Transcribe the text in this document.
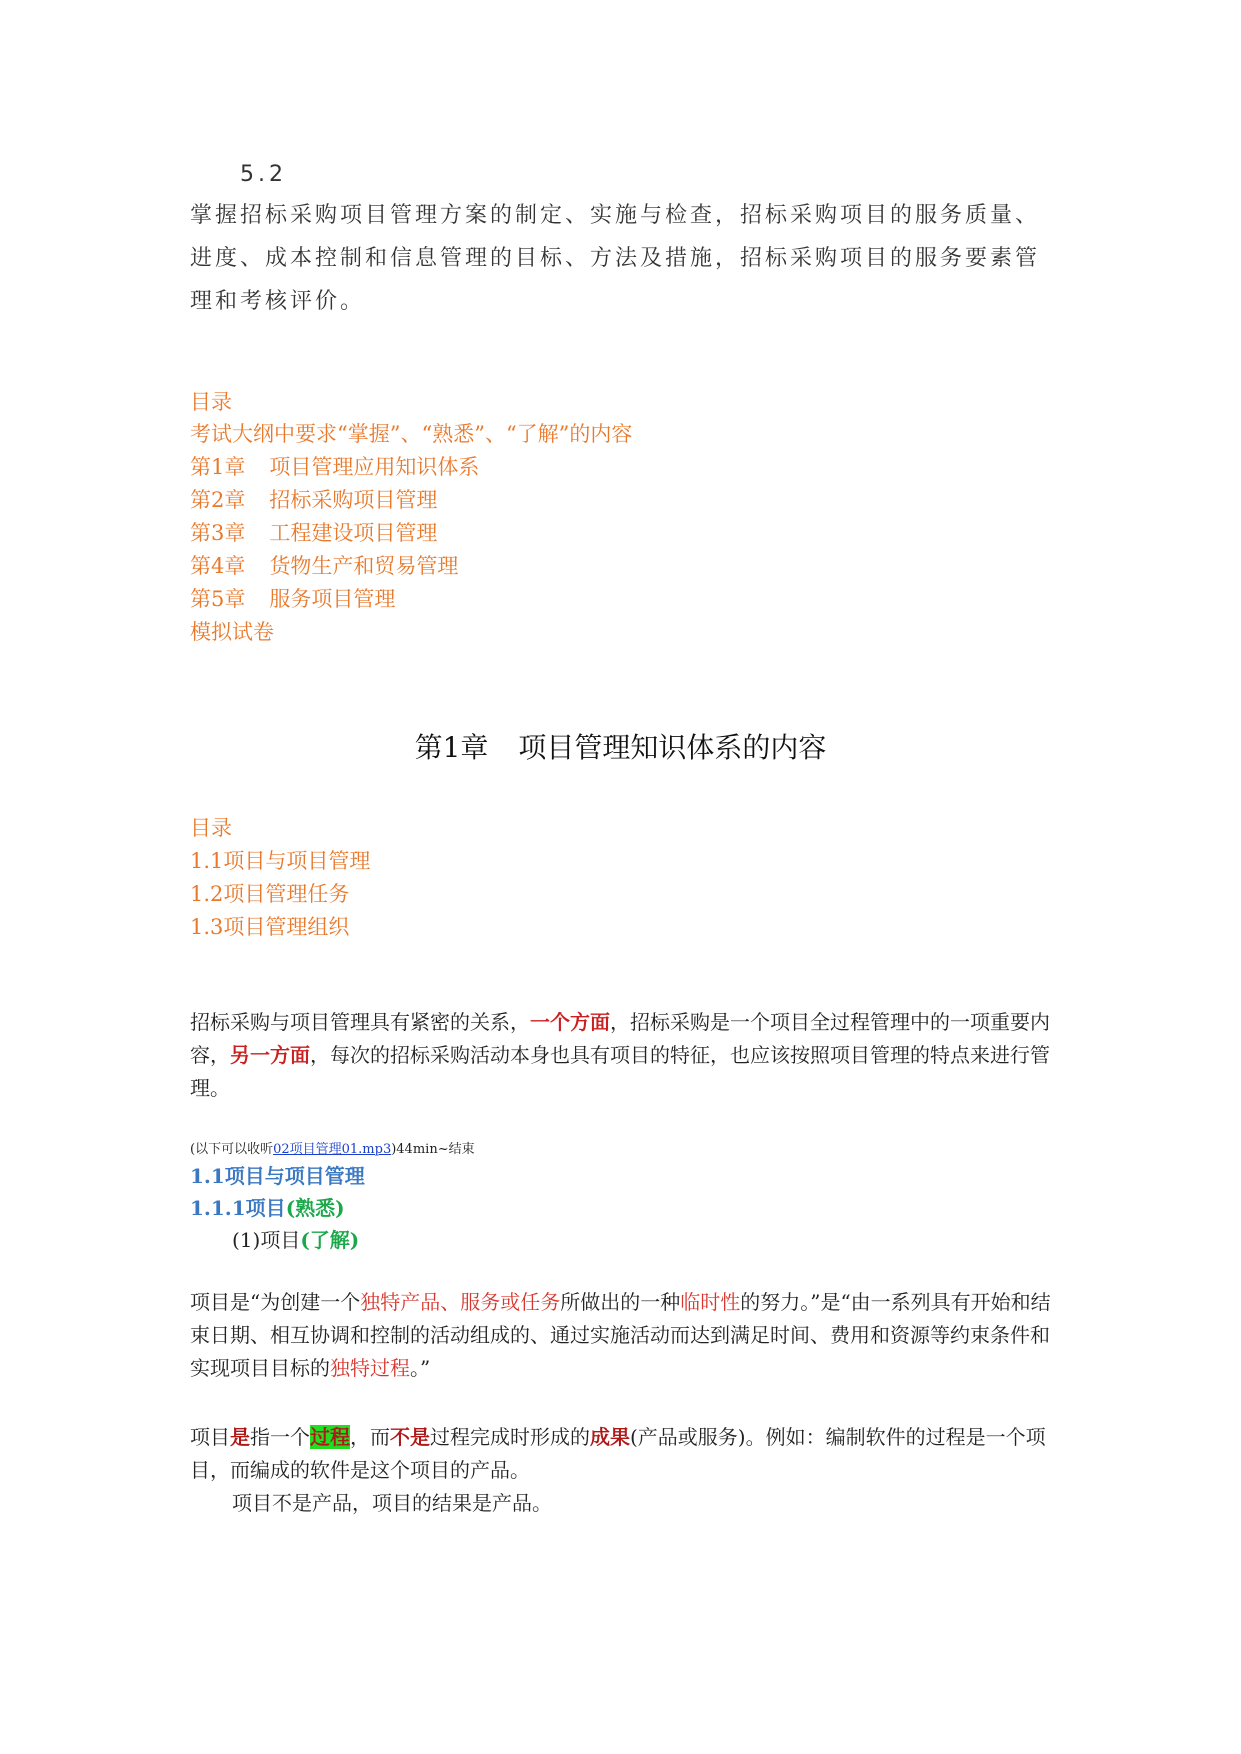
5.2
掌握招标采购项目管理方案的制定、实施与检查，招标采购项目的服务质量、
进度、成本控制和信息管理的目标、方法及措施，招标采购项目的服务要素管
理和考核评价。
目录
考试大纲中要求“掌握”、“熟悉”、“了解”的内容
第1章 项目管理应用知识体系
第2章 招标采购项目管理
第3章 工程建设项目管理
第4章 货物生产和贸易管理
第5章 服务项目管理
模拟试卷
第1章 项目管理知识体系的内容
目录
1.1项目与项目管理
1.2项目管理任务
1.3项目管理组织
招标采购与项目管理具有紧密的关系，一个方面，招标采购是一个项目全过程管理中的一项重要内容，另一方面，每次的招标采购活动本身也具有项目的特征，也应该按照项目管理的特点来进行管理。
(以下可以收听02项目管理01.mp3)44min~结束
1.1项目与项目管理
1.1.1项目(熟悉)
(1)项目(了解)
项目是“为创建一个独特产品、服务或任务所做出的一种临时性的努力。”是“由一系列具有开始和结束日期、相互协调和控制的活动组成的、通过实施活动而达到满足时间、费用和资源等约束条件和实现项目目标的独特过程。”
项目是指一个过程，而不是过程完成时形成的成果(产品或服务)。例如：编制软件的过程是一个项目，而编成的软件是这个项目的产品。
项目不是产品，项目的结果是产品。
